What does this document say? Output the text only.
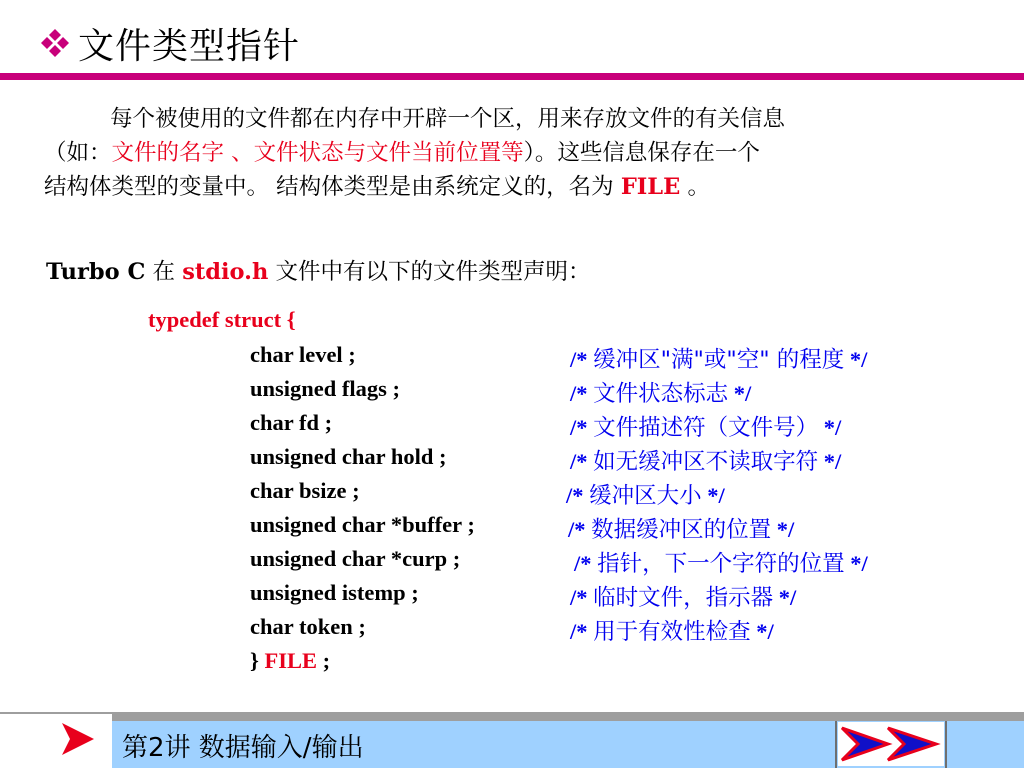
文件类型指针
每个被使用的文件都在内存中开辟一个区，用来存放文件的有关信息
（如：文件的名字 、文件状态与文件当前位置等）。这些信息保存在一个
结构体类型的变量中。 结构体类型是由系统定义的，名为 FILE 。
Turbo C 在 stdio.h 文件中有以下的文件类型声明：
typedef struct {
char level ;	/* 缓冲区"满"或"空" 的程度 */
unsigned flags ;	/* 文件状态标志 */
char fd ;	/* 文件描述符（文件号） */
unsigned char hold ;	/* 如无缓冲区不读取字符 */
char bsize ;	/* 缓冲区大小 */
unsigned char *buffer ;	/* 数据缓冲区的位置 */
unsigned char *curp ;	/* 指针，下一个字符的位置 */
unsigned istemp ;	/* 临时文件，指示器 */
char token ;	/* 用于有效性检查 */
} FILE ;
第2讲 数据输入/输出
